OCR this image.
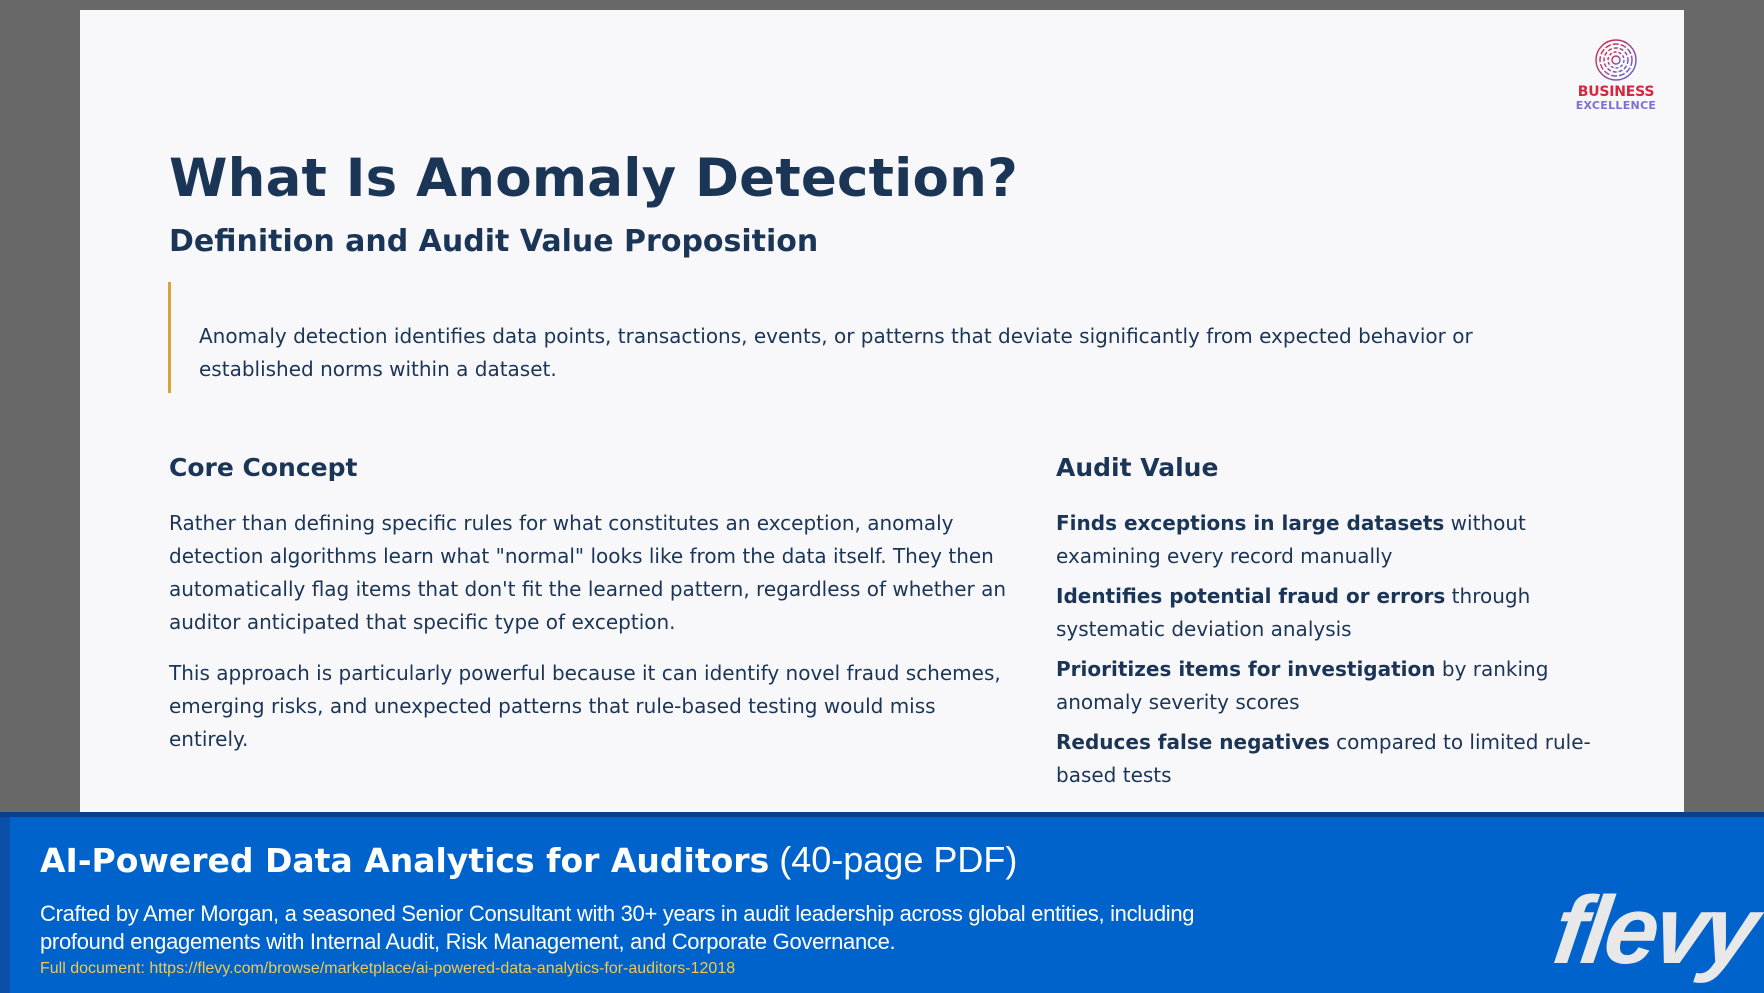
BUSINESS
EXCELLENCE
What Is Anomaly Detection?
Definition and Audit Value Proposition
Anomaly detection identifies data points, transactions, events, or patterns that deviate significantly from expected behavior or established norms within a dataset.
Core Concept

Rather than defining specific rules for what constitutes an exception, anomaly detection algorithms learn what "normal" looks like from the data itself. They then automatically flag items that don't fit the learned pattern, regardless of whether an auditor anticipated that specific type of exception.

This approach is particularly powerful because it can identify novel fraud schemes, emerging risks, and unexpected patterns that rule-based testing would miss entirely.

Audit Value
Finds exceptions in large datasets without examining every record manually
Identifies potential fraud or errors through systematic deviation analysis
Prioritizes items for investigation by ranking anomaly severity scores
Reduces false negatives compared to limited rule-based tests
AI-Powered Data Analytics for Auditors (40-page PDF)
Crafted by Amer Morgan, a seasoned Senior Consultant with 30+ years in audit leadership across global entities, including profound engagements with Internal Audit, Risk Management, and Corporate Governance.
Full document: https://flevy.com/browse/marketplace/ai-powered-data-analytics-for-auditors-12018	flevy
